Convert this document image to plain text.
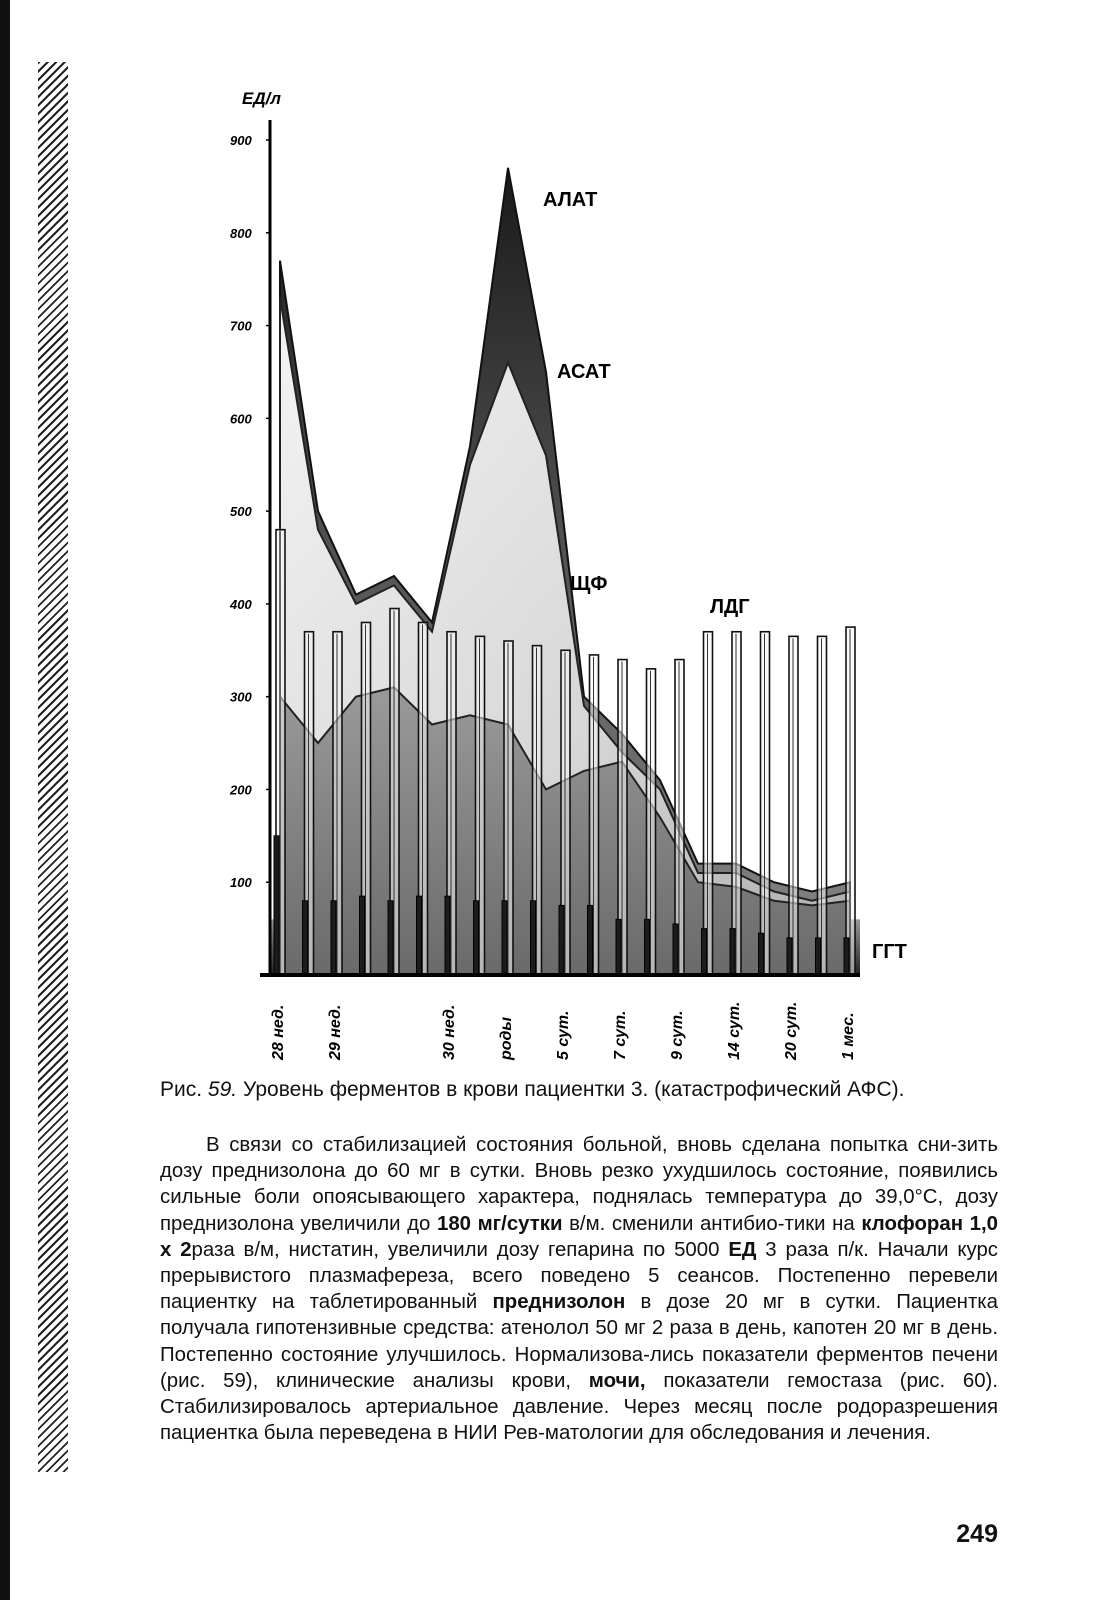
100
200
300
400
500
600
700
800
900
ЕД/л
28 нед.	29 нед.	30 нед.	роды	5 сут.	7 сут.	9 сут.	14 сут.	20 сут.	1 мес.
АЛАТ
АСАТ
ЩФ
ЛДГ
ГГТ
Рис. 59. Уровень ферментов в крови пациентки 3. (катастрофический АФС).

В связи со стабилизацией состояния больной, вновь сделана попытка сни-зить дозу преднизолона до 60 мг в сутки. Вновь резко ухудшилось состояние, появились сильные боли опоясывающего характера, поднялась температура до 39,0°С, дозу преднизолона увеличили до 180 мг/сутки в/м. сменили антибио-тики на клофоран 1,0 х 2раза в/м, нистатин, увеличили дозу гепарина по 5000 ЕД 3 раза п/к. Начали курс прерывистого плазмафереза, всего поведено 5 сеансов. Постепенно перевели пациентку на таблетированный преднизолон в дозе 20 мг в сутки. Пациентка получала гипотензивные средства: атенолол 50 мг 2 раза в день, капотен 20 мг в день. Постепенно состояние улучшилось. Нормализова-лись показатели ферментов печени (рис. 59), клинические анализы крови, мочи, показатели гемостаза (рис. 60). Стабилизировалось артериальное давление. Через месяц после родоразрешения пациентка была переведена в НИИ Рев-матологии для обследования и лечения.

249
